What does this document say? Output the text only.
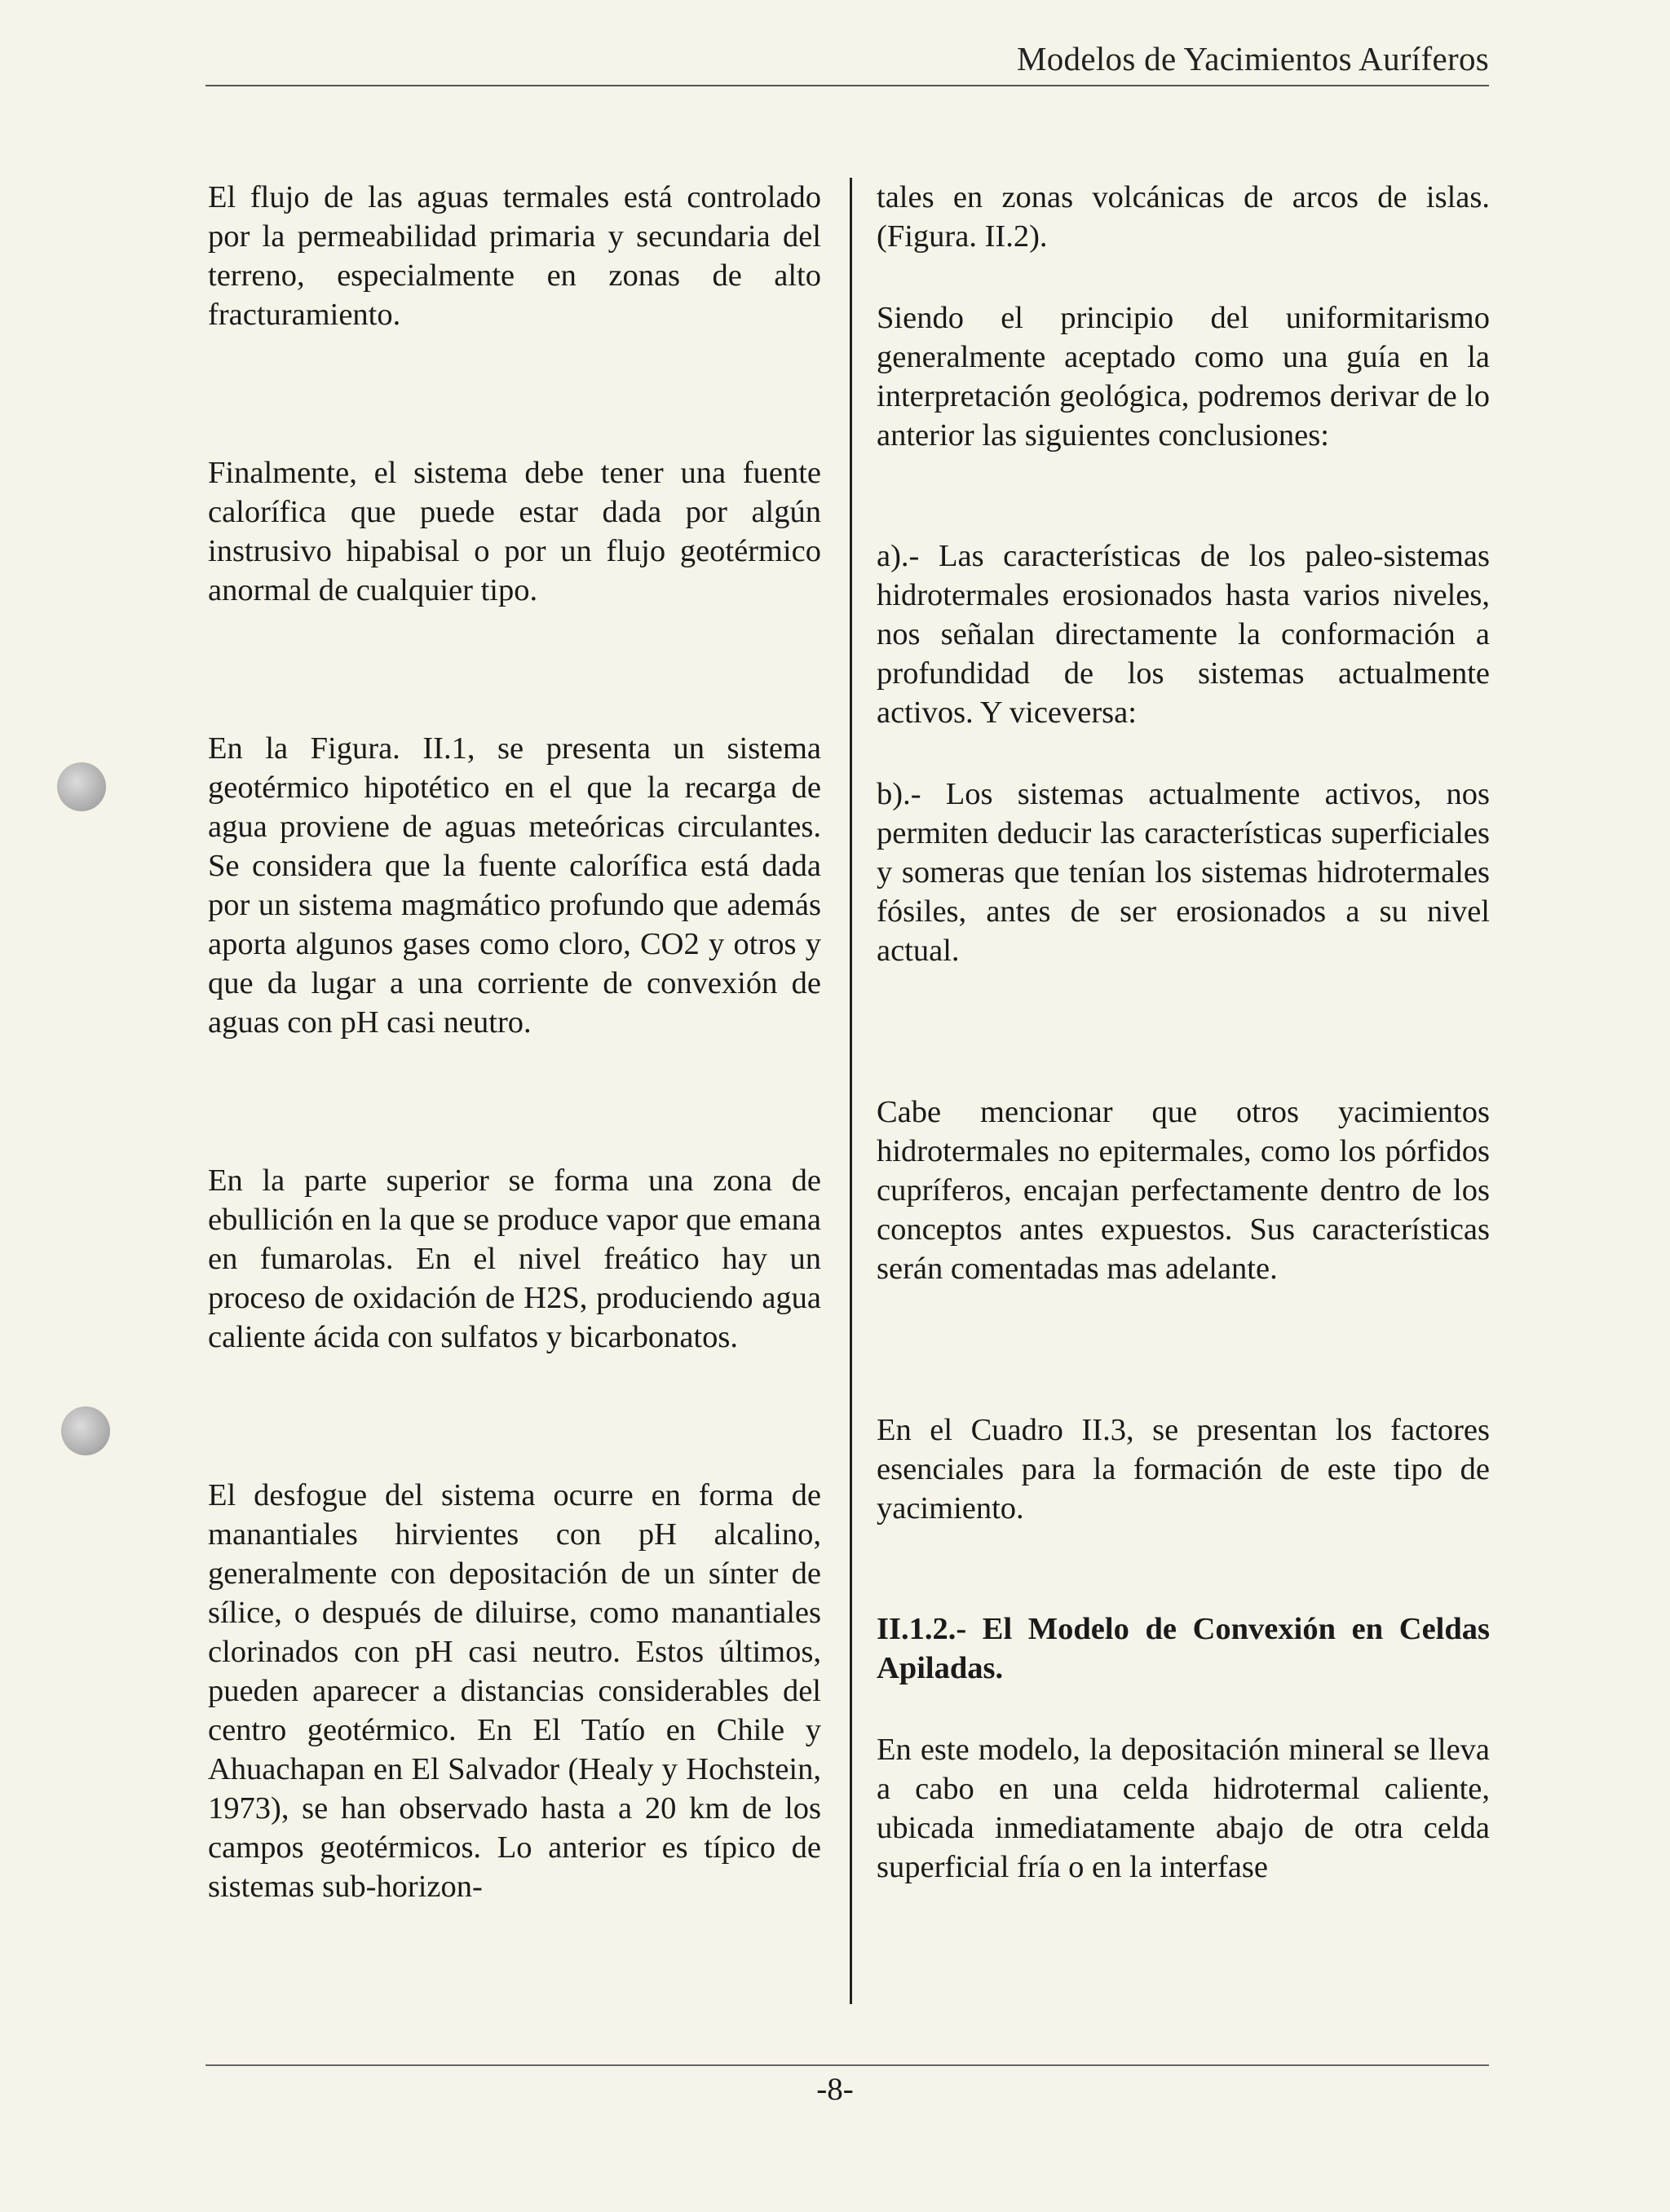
Modelos de Yacimientos Auríferos

El flujo de las aguas termales está controlado por la permeabilidad primaria y secundaria del terreno, especialmente en zonas de alto fracturamiento.

Finalmente, el sistema debe tener una fuente calorífica que puede estar dada por algún instrusivo hipabisal o por un flujo geotérmico anormal de cualquier tipo.

En la Figura. II.1, se presenta un sistema geotérmico hipotético en el que la recarga de agua proviene de aguas meteóricas circulantes. Se considera que la fuente calorífica está dada por un sistema magmático profundo que además aporta algunos gases como cloro, CO2 y otros y que da lugar a una corriente de convexión de aguas con pH casi neutro.

En la parte superior se forma una zona de ebullición en la que se produce vapor que emana en fumarolas. En el nivel freático hay un proceso de oxidación de H2S, produciendo agua caliente ácida con sulfatos y bicarbonatos.

El desfogue del sistema ocurre en forma de manantiales hirvientes con pH alcalino, generalmente con depositación de un sínter de sílice, o después de diluirse, como manantiales clorinados con pH casi neutro. Estos últimos, pueden aparecer a distancias considerables del centro geotérmico. En El Tatío en Chile y Ahuachapan en El Salvador (Healy y Hochstein, 1973), se han observado hasta a 20 km de los campos geotérmicos. Lo anterior es típico de sistemas sub-horizon-

tales en zonas volcánicas de arcos de islas. (Figura. II.2).

Siendo el principio del uniformitarismo generalmente aceptado como una guía en la interpretación geológica, podremos derivar de lo anterior las siguientes conclusiones:

a).- Las características de los paleo-sistemas hidrotermales erosionados hasta varios niveles, nos señalan directamente la conformación a profundidad de los sistemas actualmente activos. Y viceversa:

b).- Los sistemas actualmente activos, nos permiten deducir las características superficiales y someras que tenían los sistemas hidrotermales fósiles, antes de ser erosionados a su nivel actual.

Cabe mencionar que otros yacimientos hidrotermales no epitermales, como los pórfidos cupríferos, encajan perfectamente dentro de los conceptos antes expuestos. Sus características serán comentadas mas adelante.

En el Cuadro II.3, se presentan los factores esenciales para la formación de este tipo de yacimiento.

II.1.2.- El Modelo de Convexión en Celdas Apiladas.

En este modelo, la depositación mineral se lleva a cabo en una celda hidrotermal caliente, ubicada inmediatamente abajo de otra celda superficial fría o en la interfase

-8-
